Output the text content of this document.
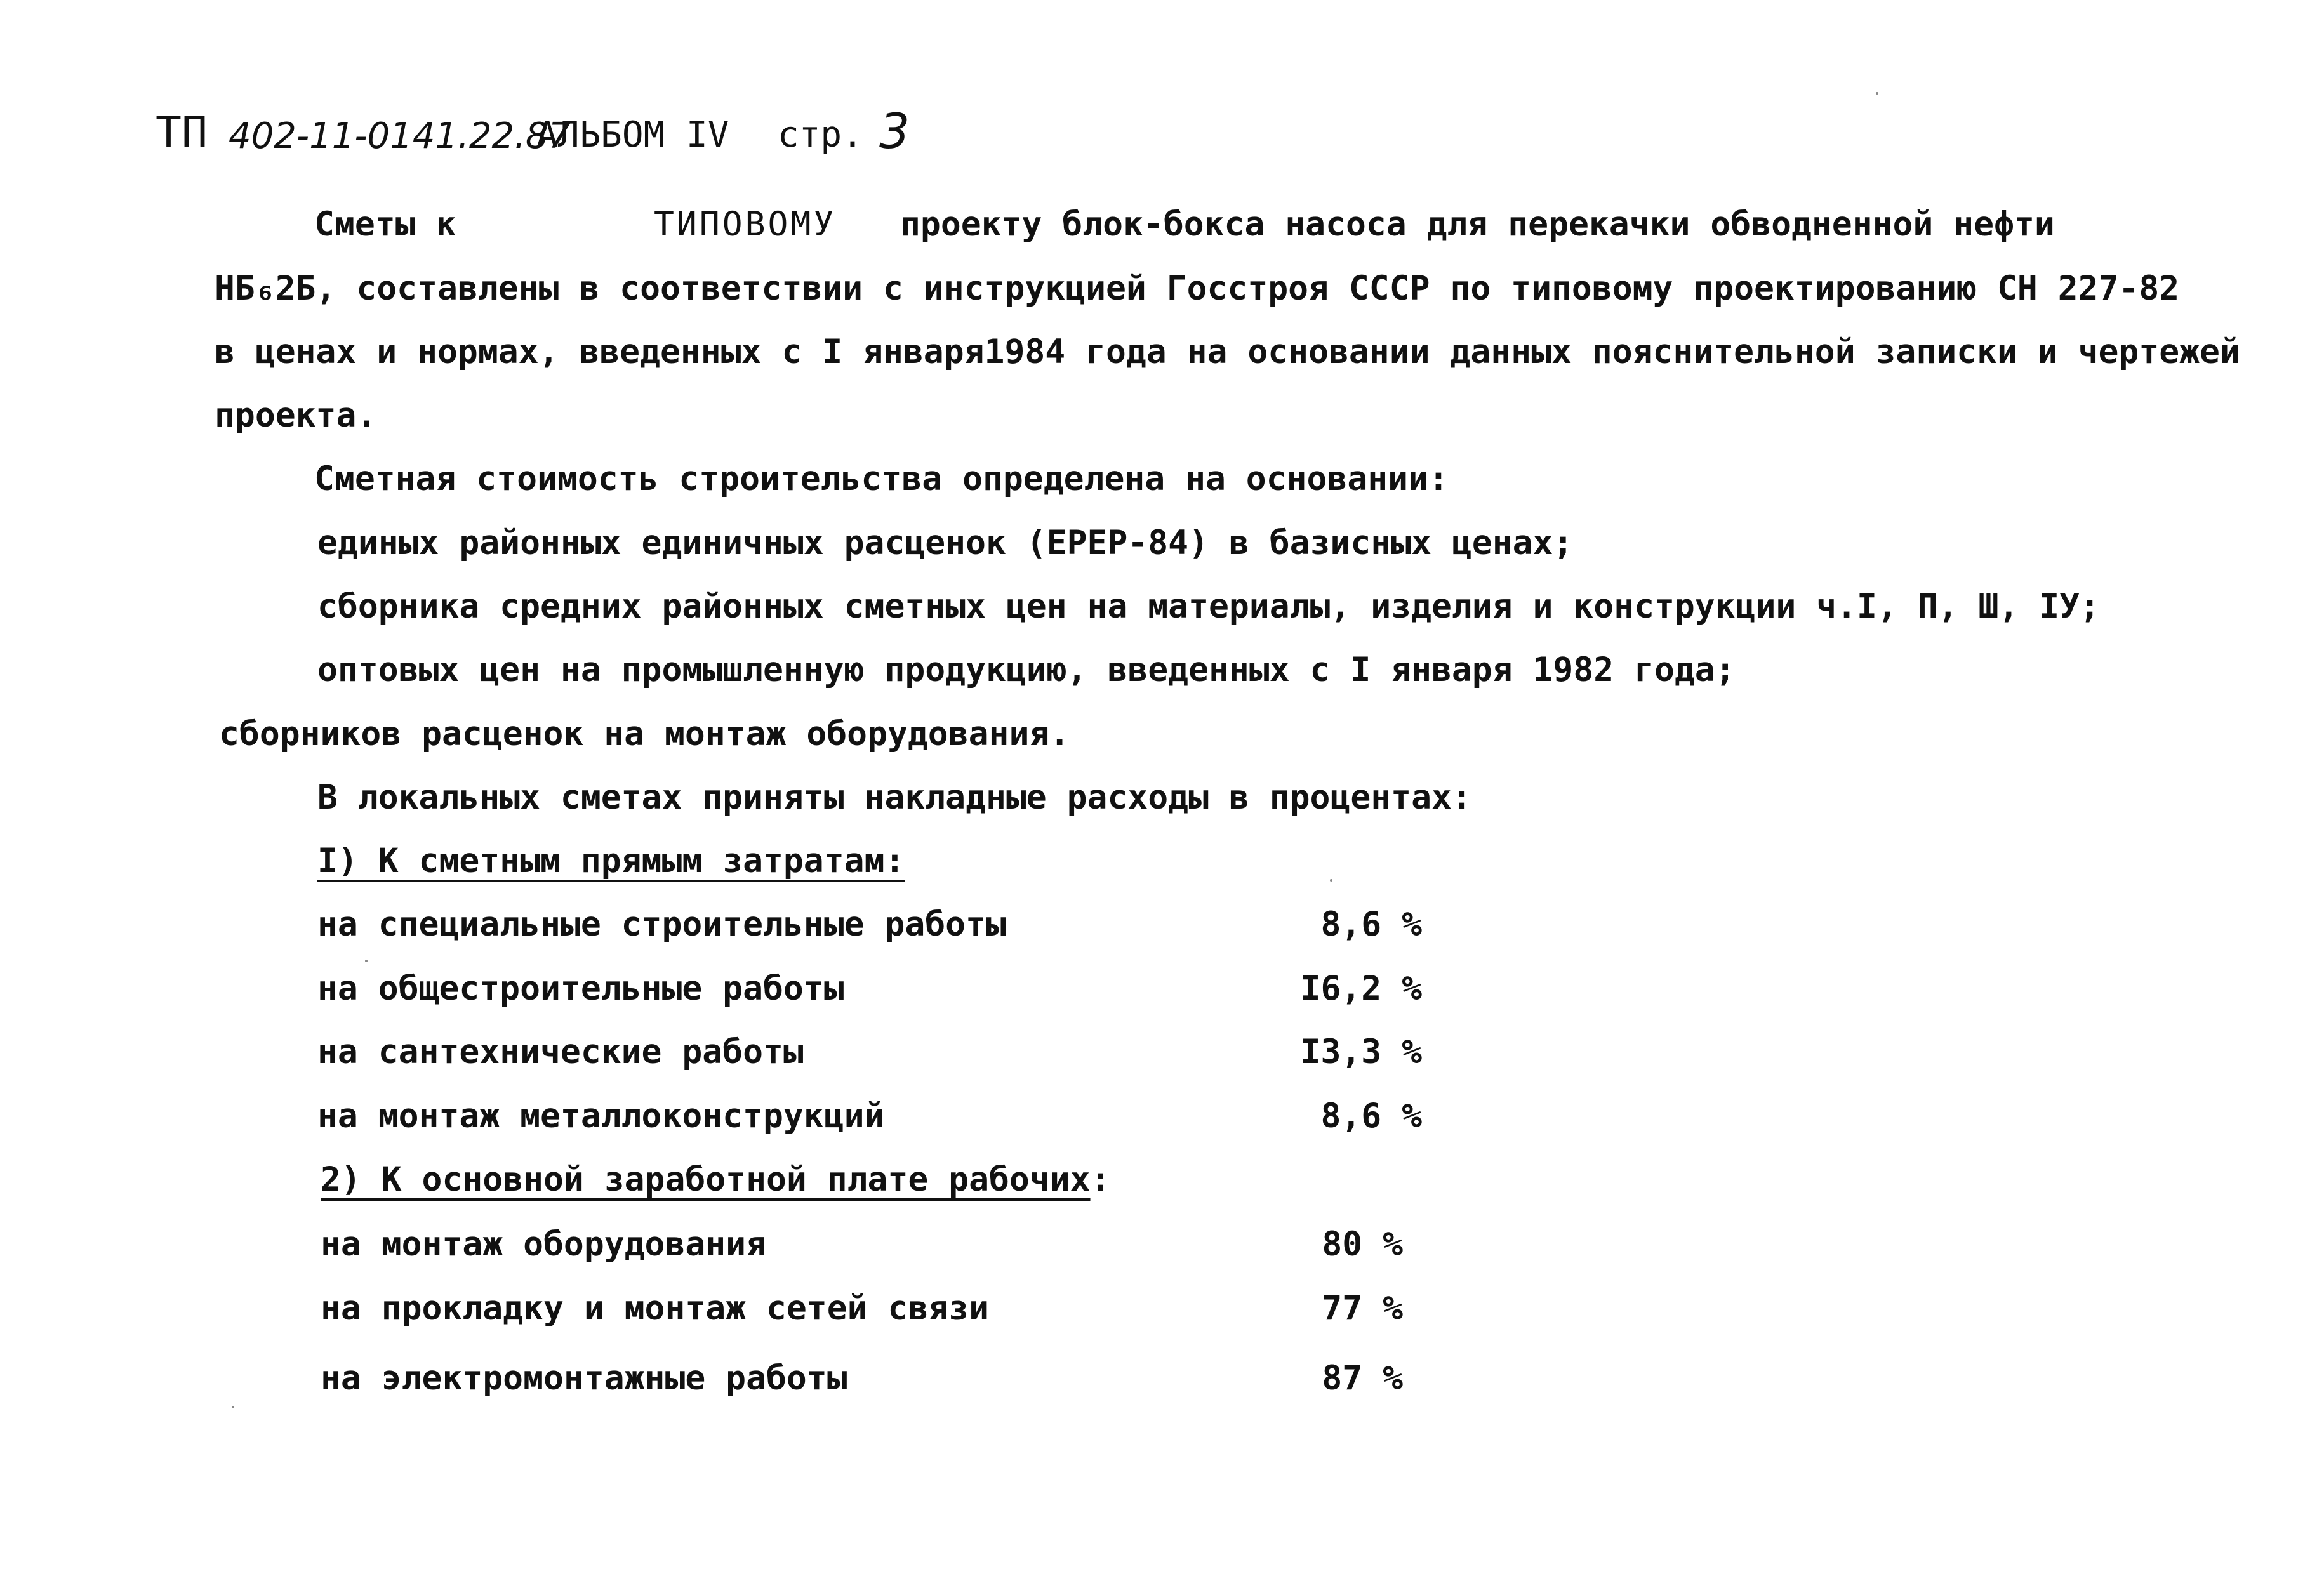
ТП 402-11-0141.22.87
АЛЬБОМ IV стр. 3
Сметы к	ТИПОВОМУ проекту блок-бокса насоса для перекачки обводненной нефти
НБ₆2Б, составлены в соответствии с инструкцией Госстроя СССР по типовому проектированию СН 227-82
в ценах и нормах, введенных с I января1984 года на основании данных пояснительной записки и чертежей
проекта.
Сметная стоимость строительства определена на основании:
единых районных единичных расценок (ЕРЕР-84) в базисных ценах;
сборника средних районных сметных цен на материалы, изделия и конструкции ч.I, П, Ш, IУ;
оптовых цен на промышленную продукцию, введенных с I января 1982 года;
сборников расценок на монтаж оборудования.
В локальных сметах приняты накладные расходы в процентах:
I) К сметным прямым затратам:
на специальные строительные работы	8,6 %
на общестроительные работы	I6,2 %
на сантехнические работы	I3,3 %
на монтаж металлоконструкций	8,6 %
2) К основной заработной плате рабочих:
на монтаж оборудования	80 %
на прокладку и монтаж сетей связи	77 %
на электромонтажные работы	87 %
